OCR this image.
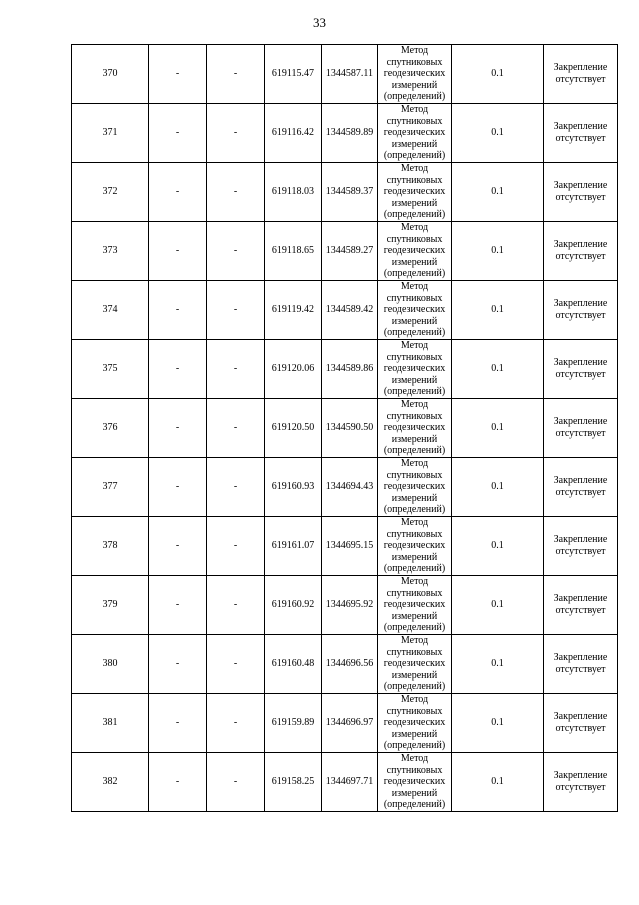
33
370	-	-	619115.47	1344587.11	Метод спутниковых геодезических измерений (определений)	0.1	Закрепление отсутствует
371	-	-	619116.42	1344589.89	Метод спутниковых геодезических измерений (определений)	0.1	Закрепление отсутствует
372	-	-	619118.03	1344589.37	Метод спутниковых геодезических измерений (определений)	0.1	Закрепление отсутствует
373	-	-	619118.65	1344589.27	Метод спутниковых геодезических измерений (определений)	0.1	Закрепление отсутствует
374	-	-	619119.42	1344589.42	Метод спутниковых геодезических измерений (определений)	0.1	Закрепление отсутствует
375	-	-	619120.06	1344589.86	Метод спутниковых геодезических измерений (определений)	0.1	Закрепление отсутствует
376	-	-	619120.50	1344590.50	Метод спутниковых геодезических измерений (определений)	0.1	Закрепление отсутствует
377	-	-	619160.93	1344694.43	Метод спутниковых геодезических измерений (определений)	0.1	Закрепление отсутствует
378	-	-	619161.07	1344695.15	Метод спутниковых геодезических измерений (определений)	0.1	Закрепление отсутствует
379	-	-	619160.92	1344695.92	Метод спутниковых геодезических измерений (определений)	0.1	Закрепление отсутствует
380	-	-	619160.48	1344696.56	Метод спутниковых геодезических измерений (определений)	0.1	Закрепление отсутствует
381	-	-	619159.89	1344696.97	Метод спутниковых геодезических измерений (определений)	0.1	Закрепление отсутствует
382	-	-	619158.25	1344697.71	Метод спутниковых геодезических измерений (определений)	0.1	Закрепление отсутствует
